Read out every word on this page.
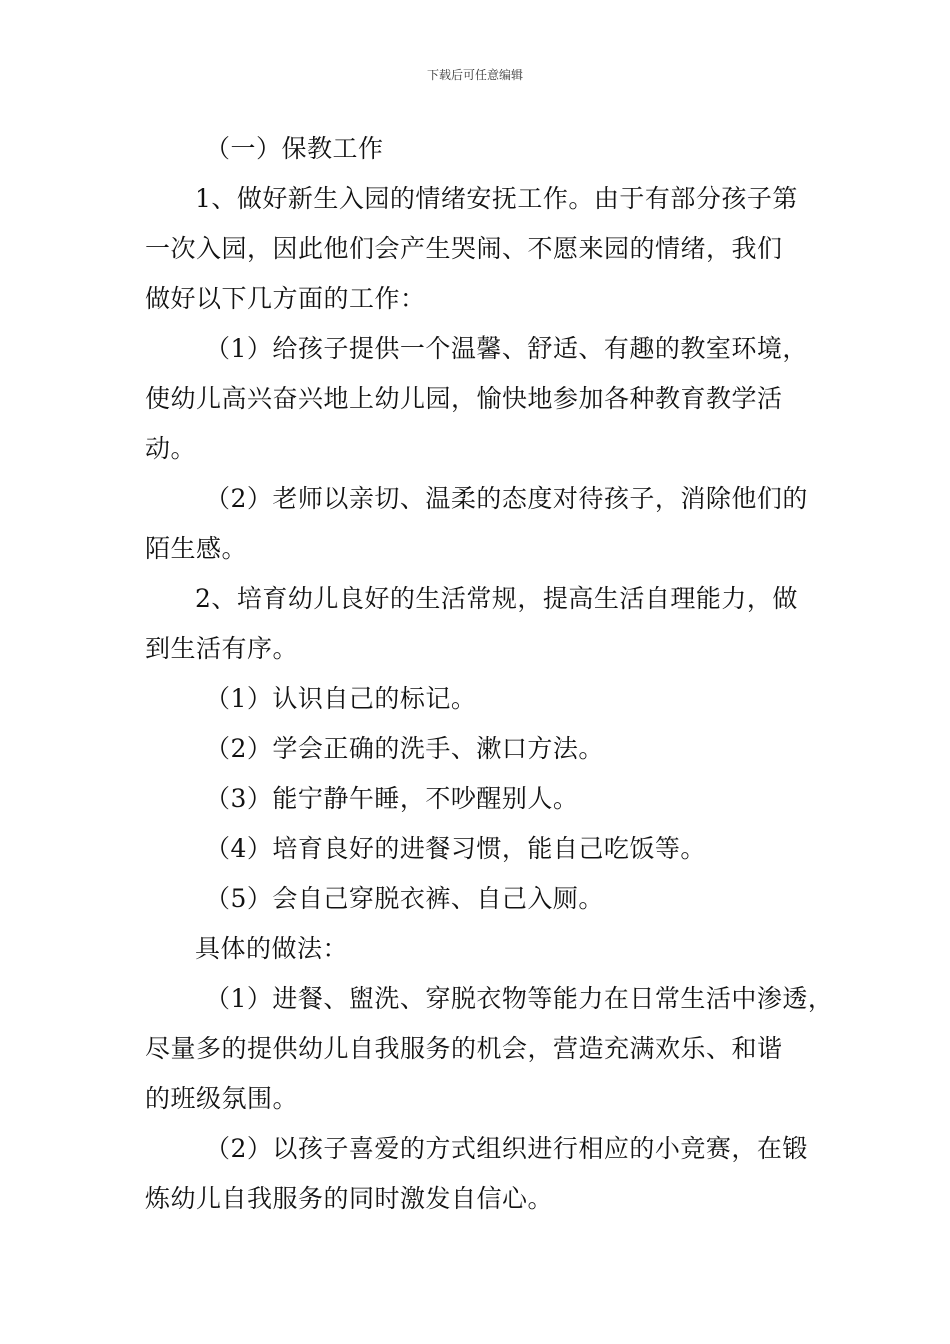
下载后可任意编辑
（一）保教工作
1、做好新生入园的情绪安抚工作。由于有部分孩子第
一次入园，因此他们会产生哭闹、不愿来园的情绪，我们
做好以下几方面的工作：
（1）给孩子提供一个温馨、舒适、有趣的教室环境，
使幼儿高兴奋兴地上幼儿园，愉快地参加各种教育教学活
动。
（2）老师以亲切、温柔的态度对待孩子，消除他们的
陌生感。
2、培育幼儿良好的生活常规，提高生活自理能力，做
到生活有序。
（1）认识自己的标记。
（2）学会正确的洗手、漱口方法。
（3）能宁静午睡，不吵醒别人。
（4）培育良好的进餐习惯，能自己吃饭等。
（5）会自己穿脱衣裤、自己入厕。
具体的做法：
（1）进餐、盥洗、穿脱衣物等能力在日常生活中渗透，
尽量多的提供幼儿自我服务的机会，营造充满欢乐、和谐
的班级氛围。
（2）以孩子喜爱的方式组织进行相应的小竞赛，在锻
炼幼儿自我服务的同时激发自信心。
